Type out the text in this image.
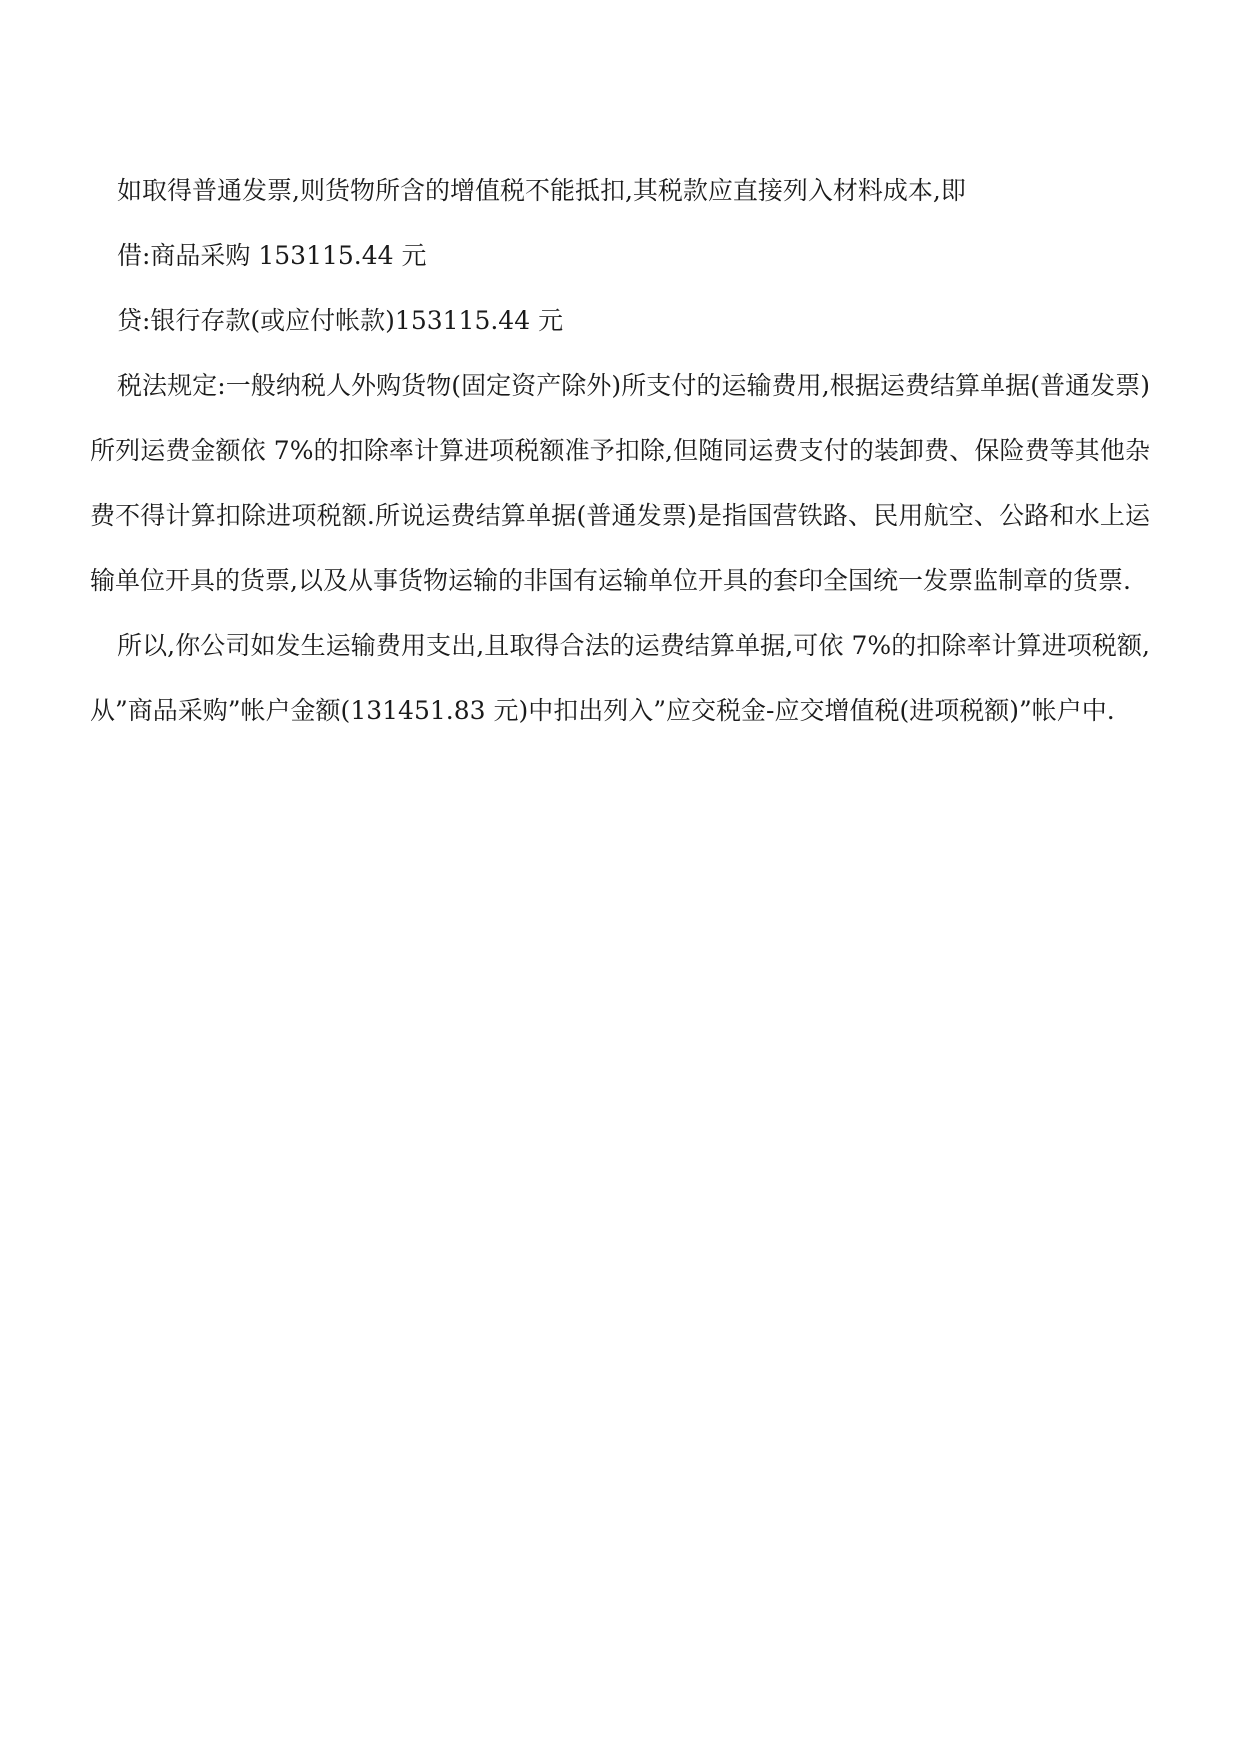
如取得普通发票,则货物所含的增值税不能抵扣,其税款应直接列入材料成本,即

借:商品采购 153115.44 元

贷:银行存款(或应付帐款)153115.44 元

税法规定:一般纳税人外购货物(固定资产除外)所支付的运输费用,根据运费结算单据(普通发票)所列运费金额依 7%的扣除率计算进项税额准予扣除,但随同运费支付的装卸费、保险费等其他杂费不得计算扣除进项税额.所说运费结算单据(普通发票)是指国营铁路、民用航空、公路和水上运输单位开具的货票,以及从事货物运输的非国有运输单位开具的套印全国统一发票监制章的货票.

所以,你公司如发生运输费用支出,且取得合法的运费结算单据,可依 7%的扣除率计算进项税额,从”商品采购”帐户金额(131451.83 元)中扣出列入”应交税金-应交增值税(进项税额)”帐户中.
